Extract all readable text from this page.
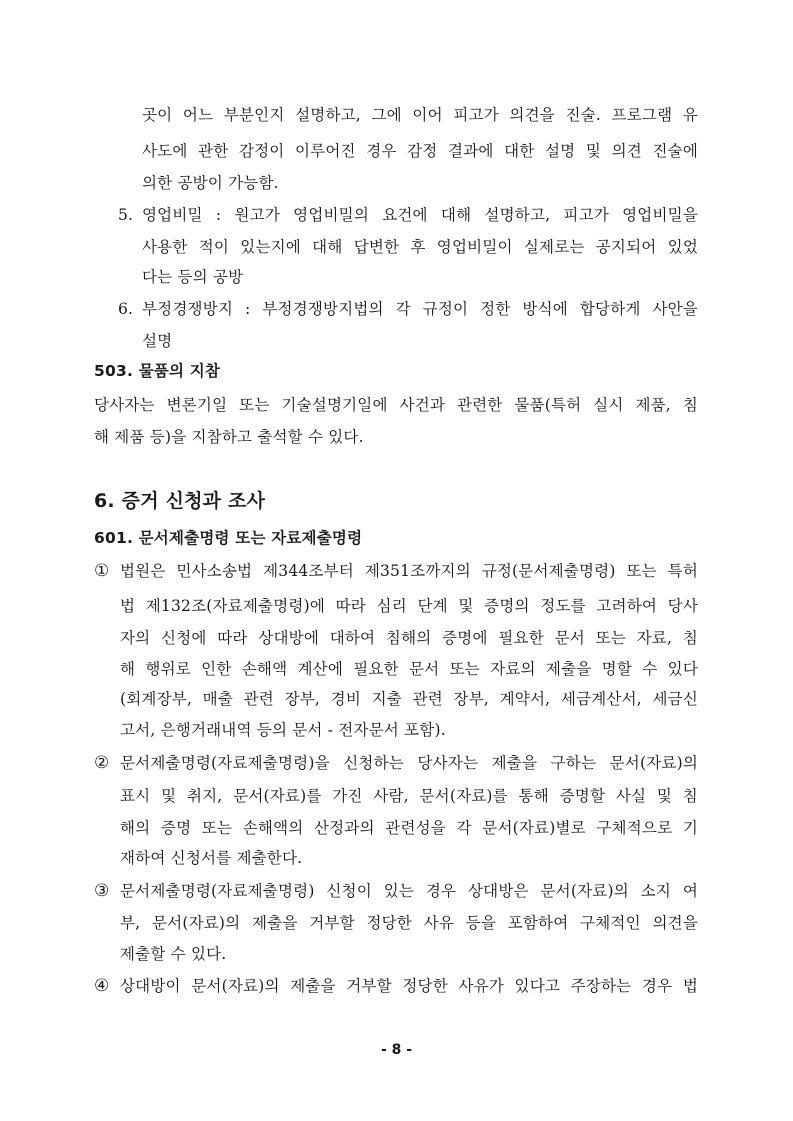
곳이 어느 부분인지 설명하고, 그에 이어 피고가 의견을 진술. 프로그램 유
사도에 관한 감정이 이루어진 경우 감정 결과에 대한 설명 및 의견 진술에
의한 공방이 가능함.
5. 영업비밀 : 원고가 영업비밀의 요건에 대해 설명하고, 피고가 영업비밀을
사용한 적이 있는지에 대해 답변한 후 영업비밀이 실제로는 공지되어 있었
다는 등의 공방
6. 부정경쟁방지 : 부정경쟁방지법의 각 규정이 정한 방식에 합당하게 사안을
설명
503. 물품의 지참
당사자는 변론기일 또는 기술설명기일에 사건과 관련한 물품(특허 실시 제품, 침
해 제품 등)을 지참하고 출석할 수 있다.
6. 증거 신청과 조사
601. 문서제출명령 또는 자료제출명령
① 법원은 민사소송법 제344조부터 제351조까지의 규정(문서제출명령) 또는 특허
법 제132조(자료제출명령)에 따라 심리 단계 및 증명의 정도를 고려하여 당사
자의 신청에 따라 상대방에 대하여 침해의 증명에 필요한 문서 또는 자료, 침
해 행위로 인한 손해액 계산에 필요한 문서 또는 자료의 제출을 명할 수 있다
(회계장부, 매출 관련 장부, 경비 지출 관련 장부, 계약서, 세금계산서, 세금신
고서, 은행거래내역 등의 문서 - 전자문서 포함).
② 문서제출명령(자료제출명령)을 신청하는 당사자는 제출을 구하는 문서(자료)의
표시 및 취지, 문서(자료)를 가진 사람, 문서(자료)를 통해 증명할 사실 및 침
해의 증명 또는 손해액의 산정과의 관련성을 각 문서(자료)별로 구체적으로 기
재하여 신청서를 제출한다.
③ 문서제출명령(자료제출명령) 신청이 있는 경우 상대방은 문서(자료)의 소지 여
부, 문서(자료)의 제출을 거부할 정당한 사유 등을 포함하여 구체적인 의견을
제출할 수 있다.
④ 상대방이 문서(자료)의 제출을 거부할 정당한 사유가 있다고 주장하는 경우 법
- 8 -
